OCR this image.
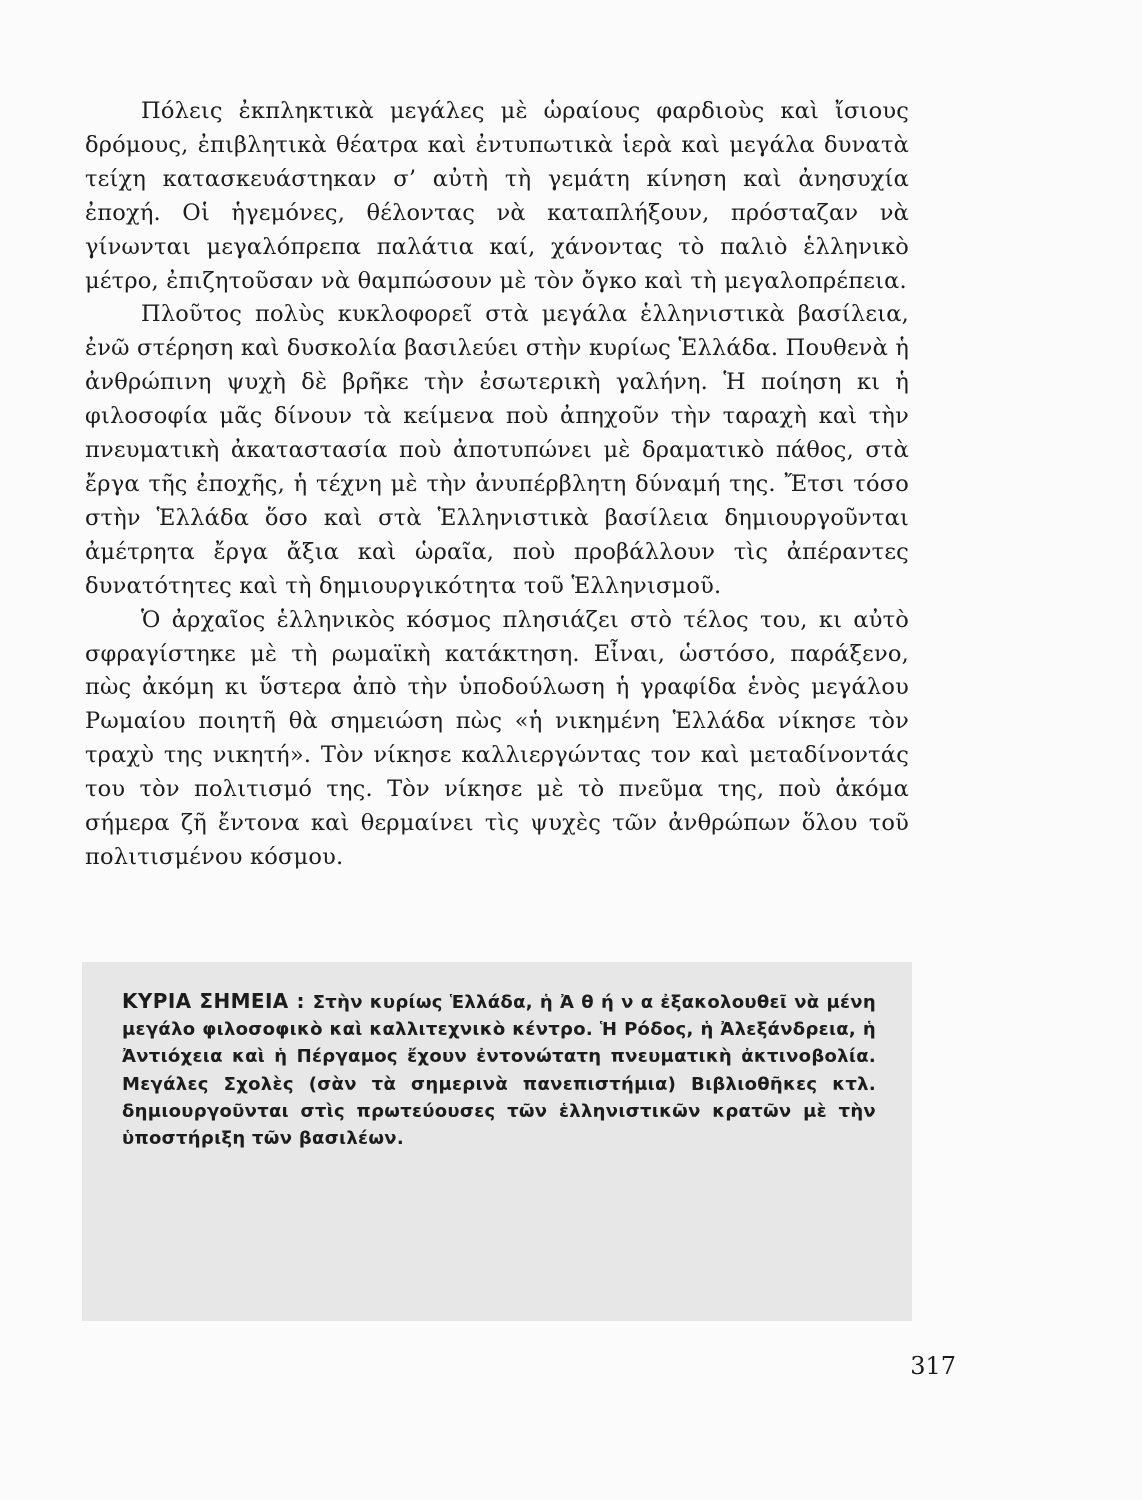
Πόλεις ἐκπληκτικὰ μεγάλες μὲ ὡραίους φαρδιοὺς καὶ ἴσιους δρόμους, ἐπιβλητικὰ θέατρα καὶ ἐντυπωτικὰ ἱερὰ καὶ μεγάλα δυνατὰ τείχη κατασκευάστηκαν σ’ αὐτὴ τὴ γεμάτη κίνηση καὶ ἀνησυχία ἐποχή. Οἱ ἡγεμόνες, θέλοντας νὰ καταπλήξουν, πρόσταζαν νὰ γίνωνται μεγαλόπρεπα παλάτια καί, χάνοντας τὸ παλιὸ ἑλληνικὸ μέτρο, ἐπιζητοῦσαν νὰ θαμπώσουν μὲ τὸν ὄγκο καὶ τὴ μεγαλοπρέπεια.

Πλοῦτος πολὺς κυκλοφορεῖ στὰ μεγάλα ἑλληνιστικὰ βασίλεια, ἐνῶ στέρηση καὶ δυσκολία βασιλεύει στὴν κυρίως Ἑλλάδα. Πουθενὰ ἡ ἀνθρώπινη ψυχὴ δὲ βρῆκε τὴν ἐσωτερικὴ γαλήνη. Ἡ ποίηση κι ἡ φιλοσοφία μᾶς δίνουν τὰ κείμενα ποὺ ἀπηχοῦν τὴν ταραχὴ καὶ τὴν πνευματικὴ ἀκαταστασία ποὺ ἀποτυπώνει μὲ δραματικὸ πάθος, στὰ ἔργα τῆς ἐποχῆς, ἡ τέχνη μὲ τὴν ἀνυπέρβλητη δύναμή της. Ἔτσι τόσο στὴν Ἑλλάδα ὅσο καὶ στὰ Ἑλληνιστικὰ βασίλεια δημιουργοῦνται ἀμέτρητα ἔργα ἄξια καὶ ὡραῖα, ποὺ προβάλλουν τὶς ἀπέραντες δυνατότητες καὶ τὴ δημιουργικότητα τοῦ Ἑλληνισμοῦ.

Ὁ ἀρχαῖος ἑλληνικὸς κόσμος πλησιάζει στὸ τέλος του, κι αὐτὸ σφραγίστηκε μὲ τὴ ρωμαϊκὴ κατάκτηση. Εἶναι, ὡστόσο, παράξενο, πὼς ἀκόμη κι ὕστερα ἀπὸ τὴν ὑποδούλωση ἡ γραφίδα ἑνὸς μεγάλου Ρωμαίου ποιητῆ θὰ σημειώση πὼς «ἡ νικημένη Ἑλλάδα νίκησε τὸν τραχὺ της νικητή». Τὸν νίκησε καλλιεργώντας τον καὶ μεταδίνοντάς του τὸν πολιτισμό της. Τὸν νίκησε μὲ τὸ πνεῦμα της, ποὺ ἀκόμα σήμερα ζῆ ἔντονα καὶ θερμαίνει τὶς ψυχὲς τῶν ἀνθρώπων ὅλου τοῦ πολιτισμένου κόσμου.

ΚΥΡΙΑ ΣΗΜΕΙΑ : Στὴν κυρίως Ἑλλάδα, ἡ Ἀ θ ή ν α ἐξακολουθεῖ νὰ μένη μεγάλο φιλοσοφικὸ καὶ καλλιτεχνικὸ κέντρο. Ἡ Ρόδος, ἡ Ἀλεξάνδρεια, ἡ Ἀντιόχεια καὶ ἡ Πέργαμος ἔχουν ἐντονώτατη πνευματικὴ ἀκτινοβολία. Μεγάλες Σχολὲς (σὰν τὰ σημερινὰ πανεπιστήμια) Βιβλιοθῆκες κτλ. δημιουργοῦνται στὶς πρωτεύουσες τῶν ἑλληνιστικῶν κρατῶν μὲ τὴν ὑποστήριξη τῶν βασιλέων.
317
